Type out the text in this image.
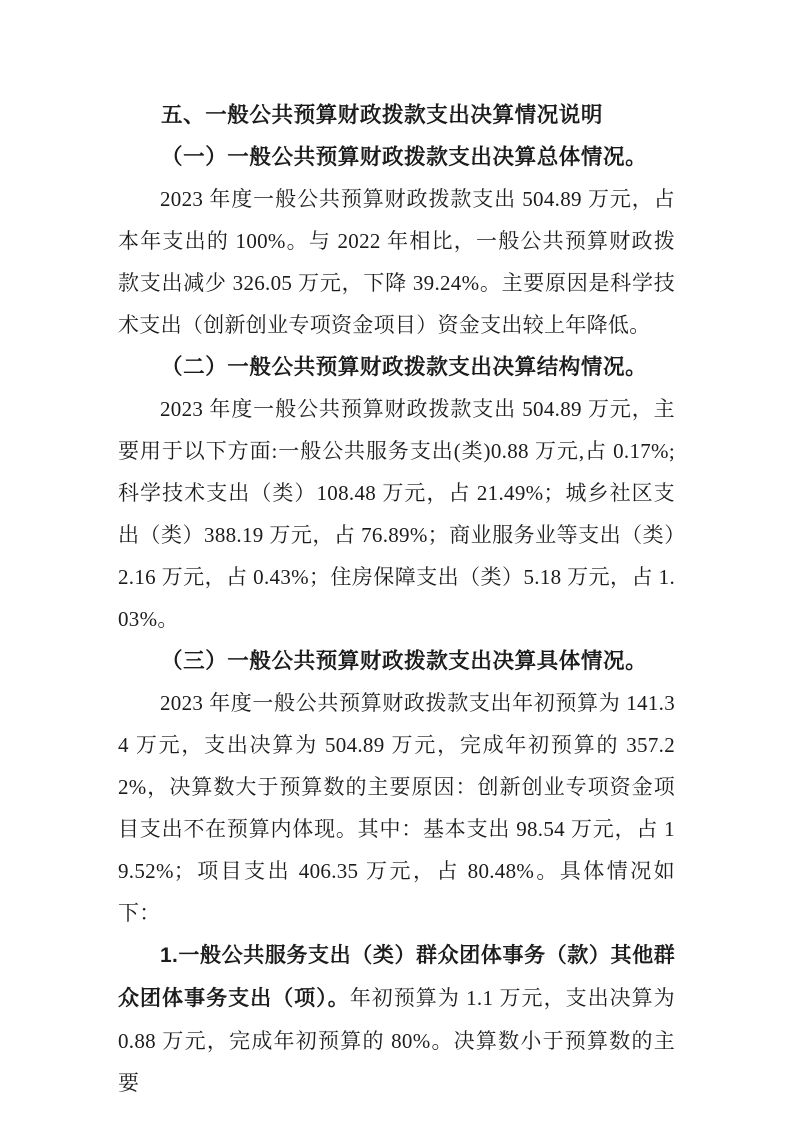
五、一般公共预算财政拨款支出决算情况说明

（一）一般公共预算财政拨款支出决算总体情况。

2023 年度一般公共预算财政拨款支出 504.89 万元，占本年支出的 100%。与 2022 年相比，一般公共预算财政拨款支出减少 326.05 万元，下降 39.24%。主要原因是科学技术支出（创新创业专项资金项目）资金支出较上年降低。

（二）一般公共预算财政拨款支出决算结构情况。

2023 年度一般公共预算财政拨款支出 504.89 万元，主要用于以下方面:一般公共服务支出(类)0.88 万元,占 0.17%;科学技术支出（类）108.48 万元，占 21.49%；城乡社区支出（类）388.19 万元，占 76.89%；商业服务业等支出（类）2.16 万元，占 0.43%；住房保障支出（类）5.18 万元，占 1.03%。

（三）一般公共预算财政拨款支出决算具体情况。

2023 年度一般公共预算财政拨款支出年初预算为 141.34 万元，支出决算为 504.89 万元，完成年初预算的 357.22%，决算数大于预算数的主要原因：创新创业专项资金项目支出不在预算内体现。其中：基本支出 98.54 万元，占 19.52%；项目支出 406.35 万元，占 80.48%。具体情况如下：

1.一般公共服务支出（类）群众团体事务（款）其他群众团体事务支出（项）。年初预算为 1.1 万元，支出决算为 0.88 万元，完成年初预算的 80%。决算数小于预算数的主要
